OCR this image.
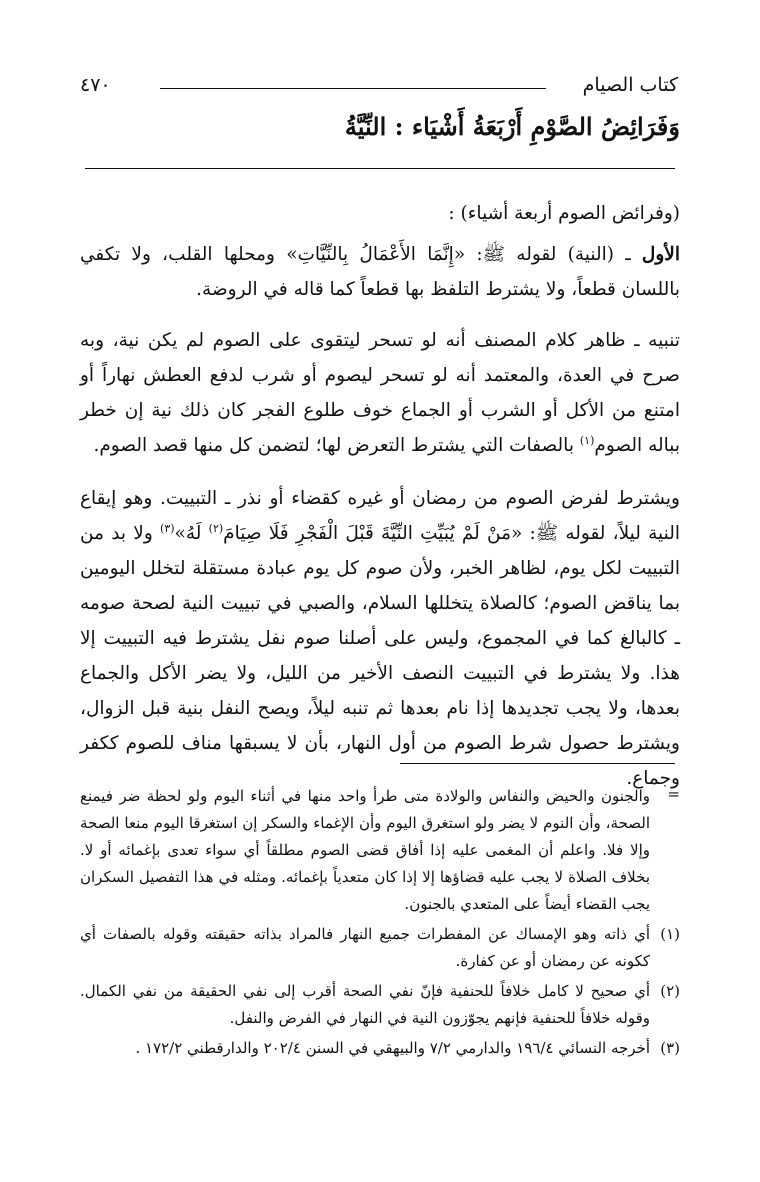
كتاب الصيام
٤٧٠
وَفَرَائِضُ الصَّوْمِ أَرْبَعَةُ أَشْيَاء : النِّيَّةُ

(وفرائض الصوم أربعة أشياء) :

الأول ـ (النية) لقوله ﷺ: «إِنَّمَا الأَعْمَالُ بِالنِّيَّاتِ» ومحلها القلب، ولا تكفي باللسان قطعاً، ولا يشترط التلفظ بها قطعاً كما قاله في الروضة.

تنبيه ـ ظاهر كلام المصنف أنه لو تسحر ليتقوى على الصوم لم يكن نية، وبه صرح في العدة، والمعتمد أنه لو تسحر ليصوم أو شرب لدفع العطش نهاراً أو امتنع من الأكل أو الشرب أو الجماع خوف طلوع الفجر كان ذلك نية إن خطر بباله الصوم$^{(١)}$ بالصفات التي يشترط التعرض لها؛ لتضمن كل منها قصد الصوم.

ويشترط لفرض الصوم من رمضان أو غيره كقضاء أو نذر ـ التبييت. وهو إيقاع النية ليلاً، لقوله ﷺ: «مَنْ لَمْ يُبَيِّتِ النِّيَّةَ قَبْلَ الْفَجْرِ فَلَا صِيَامَ$^{(٢)}$ لَهُ»$^{(٣)}$ ولا بد من التبييت لكل يوم، لظاهر الخبر، ولأن صوم كل يوم عبادة مستقلة لتخلل اليومين بما يناقض الصوم؛ كالصلاة يتخللها السلام، والصبي في تبييت النية لصحة صومه ـ كالبالغ كما في المجموع، وليس على أصلنا صوم نفل يشترط فيه التبييت إلا هذا. ولا يشترط في التبييت النصف الأخير من الليل، ولا يضر الأكل والجماع بعدها، ولا يجب تجديدها إذا نام بعدها ثم تنبه ليلاً، ويصح النفل بنية قبل الزوال، ويشترط حصول شرط الصوم من أول النهار، بأن لا يسبقها مناف للصوم ككفر وجماع.

=
والجنون والحيض والنفاس والولادة متى طرأ واحد منها في أثناء اليوم ولو لحظة ضر فيمنع الصحة، وأن النوم لا يضر ولو استغرق اليوم وأن الإغماء والسكر إن استغرقا اليوم منعا الصحة وإلا فلا. واعلم أن المغمى عليه إذا أفاق قضى الصوم مطلقاً أي سواء تعدى بإغمائه أو لا. بخلاف الصلاة لا يجب عليه قضاؤها إلا إذا كان متعدياً بإغمائه. ومثله في هذا التفصيل السكران يجب القضاء أيضاً على المتعدي بالجنون.
(١)
أي ذاته وهو الإمساك عن المفطرات جميع النهار فالمراد بذاته حقيقته وقوله بالصفات أي ككونه عن رمضان أو عن كفارة.
(٢)
أي صحيح لا كامل خلافاً للحنفية فإنّ نفي الصحة أقرب إلى نفي الحقيقة من نفي الكمال. وقوله خلافاً للحنفية فإنهم يجوّزون النية في النهار في الفرض والنفل.
(٣)
أخرجه النسائي ١٩٦/٤ والدارمي ٧/٢ والبيهقي في السنن ٢٠٢/٤ والدارقطني ١٧٢/٢ .
